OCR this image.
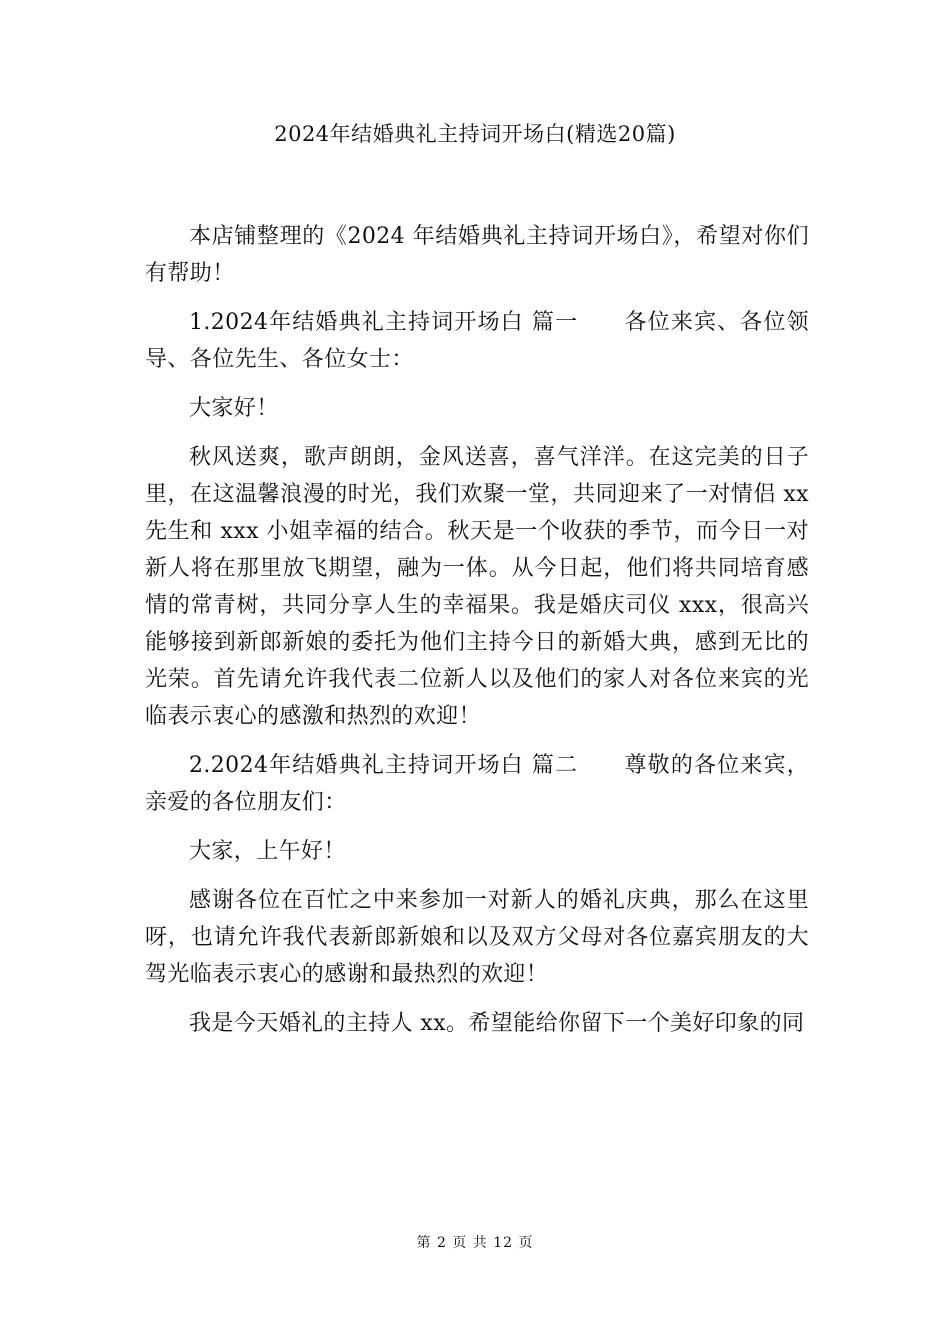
2024年结婚典礼主持词开场白(精选20篇)

本店铺整理的《2024 年结婚典礼主持词开场白》，希望对你们有帮助！

1.2024年结婚典礼主持词开场白 篇一　　各位来宾、各位领导、各位先生、各位女士：

大家好！

秋风送爽，歌声朗朗，金风送喜，喜气洋洋。在这完美的日子里，在这温馨浪漫的时光，我们欢聚一堂，共同迎来了一对情侣 xx 先生和 xxx 小姐幸福的结合。秋天是一个收获的季节，而今日一对新人将在那里放飞期望，融为一体。从今日起，他们将共同培育感情的常青树，共同分享人生的幸福果。我是婚庆司仪 xxx，很高兴能够接到新郎新娘的委托为他们主持今日的新婚大典，感到无比的光荣。首先请允许我代表二位新人以及他们的家人对各位来宾的光临表示衷心的感激和热烈的欢迎！

2.2024年结婚典礼主持词开场白 篇二　　尊敬的各位来宾，亲爱的各位朋友们：

大家，上午好！

感谢各位在百忙之中来参加一对新人的婚礼庆典，那么在这里呀，也请允许我代表新郎新娘和以及双方父母对各位嘉宾朋友的大驾光临表示衷心的感谢和最热烈的欢迎！

我是今天婚礼的主持人 xx。希望能给你留下一个美好印象的同

第 2 页 共 12 页
